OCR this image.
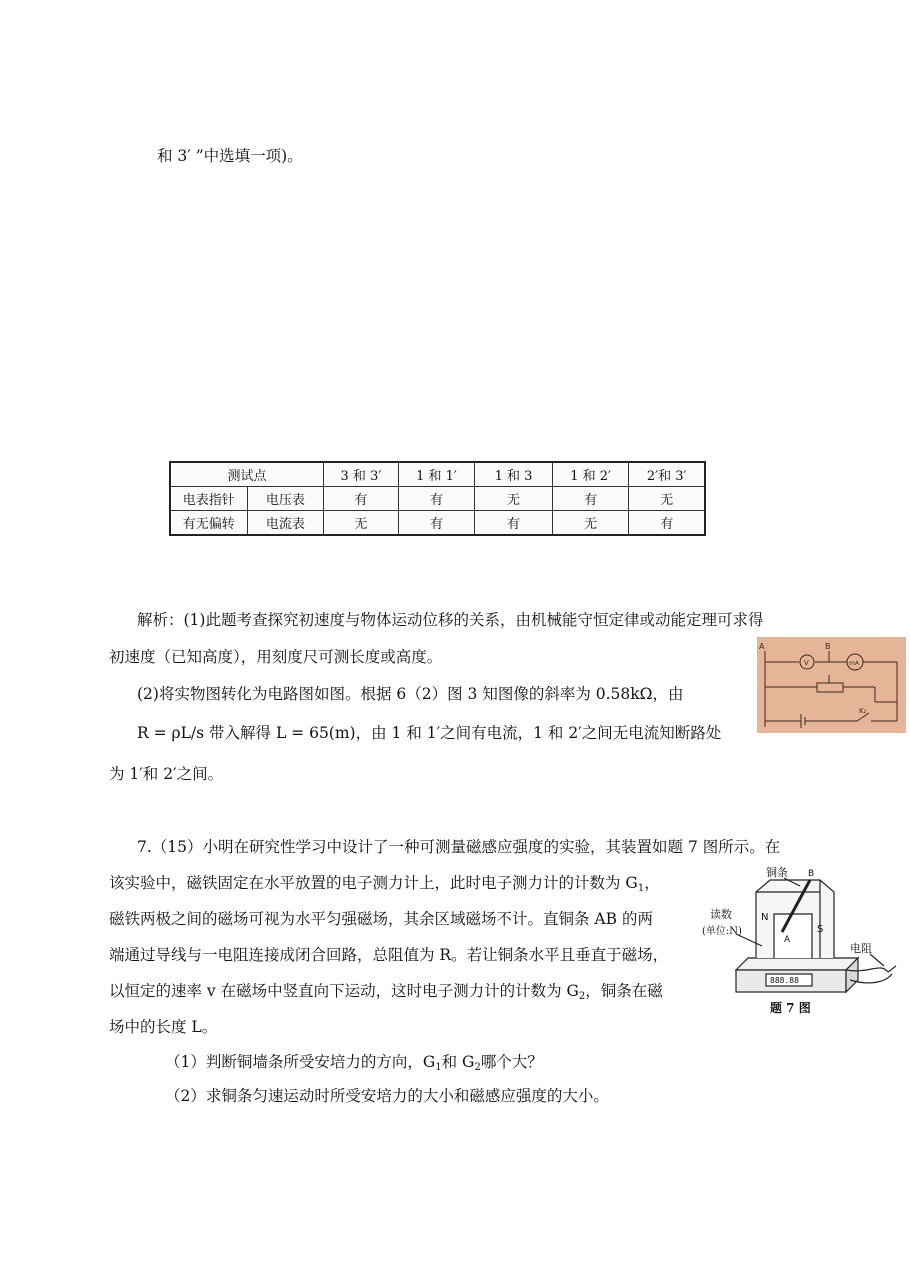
和 3′ ”中选填一项)。
测试点		3 和 3′	1 和 1′	1 和 3	1 和 2′	2′和 3′
电表指针	电压表	有	有	无	有	无
有无偏转	电流表	无	有	有	无	有
解析：(1)此题考查探究初速度与物体运动位移的关系，由机械能守恒定律或动能定理可求得
初速度（已知高度），用刻度尺可测长度或高度。
(2)将实物图转化为电路图如图。根据 6（2）图 3 知图像的斜率为 0.58kΩ，由
R = ρL/s 带入解得 L = 65(m)，由 1 和 1′之间有电流，1 和 2′之间无电流知断路处
为 1′和 2′之间。
A	B
V	mA
K₂
7.（15）小明在研究性学习中设计了一种可测量磁感应强度的实验，其装置如题 7 图所示。在
该实验中，磁铁固定在水平放置的电子测力计上，此时电子测力计的计数为 $G_1$，
磁铁两极之间的磁场可视为水平匀强磁场，其余区域磁场不计。直铜条 AB 的两
端通过导线与一电阻连接成闭合回路，总阻值为 R。若让铜条水平且垂直于磁场，
以恒定的速率 v 在磁场中竖直向下运动，这时电子测力计的计数为 $G_2$，铜条在磁
场中的长度 L。
（1）判断铜墙条所受安培力的方向，$G_1$和 $G_2$哪个大？
（2）求铜条匀速运动时所受安培力的大小和磁感应强度的大小。
铜条
读数
(单位:N)
电阻
N
S
A
B
888.88
题 7 图
